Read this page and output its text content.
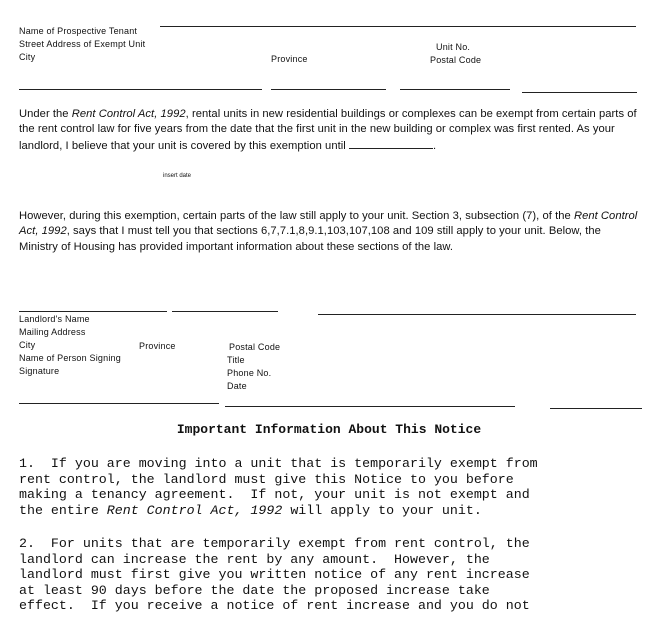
Name of Prospective Tenant
Street Address of Exempt Unit	Unit No.
City	Province	Postal Code
Under the Rent Control Act, 1992, rental units in new residential buildings or complexes can be exempt from certain parts of the rent control law for five years from the date that the first unit in the new building or complex was first rented. As your landlord, I believe that your unit is covered by this exemption until	.
insert date
However, during this exemption, certain parts of the law still apply to your unit. Section 3, subsection (7), of the Rent Control Act, 1992, says that I must tell you that sections 6,7,7.1,8,9.1,103,107,108 and 109 still apply to your unit. Below, the Ministry of Housing has provided important information about these sections of the law.
Landlord's Name
Mailing Address
City	Province	Postal Code
Name of Person Signing	Title
Signature	Phone No.
Date
Important Information About This Notice
1.  If you are moving into a unit that is temporarily exempt from
rent control, the landlord must give this Notice to you before
making a tenancy agreement.  If not, your unit is not exempt and
the entire Rent Control Act, 1992 will apply to your unit.
2.  For units that are temporarily exempt from rent control, the
landlord can increase the rent by any amount.  However, the
landlord must first give you written notice of any rent increase
at least 90 days before the date the proposed increase take
effect.  If you receive a notice of rent increase and you do not
